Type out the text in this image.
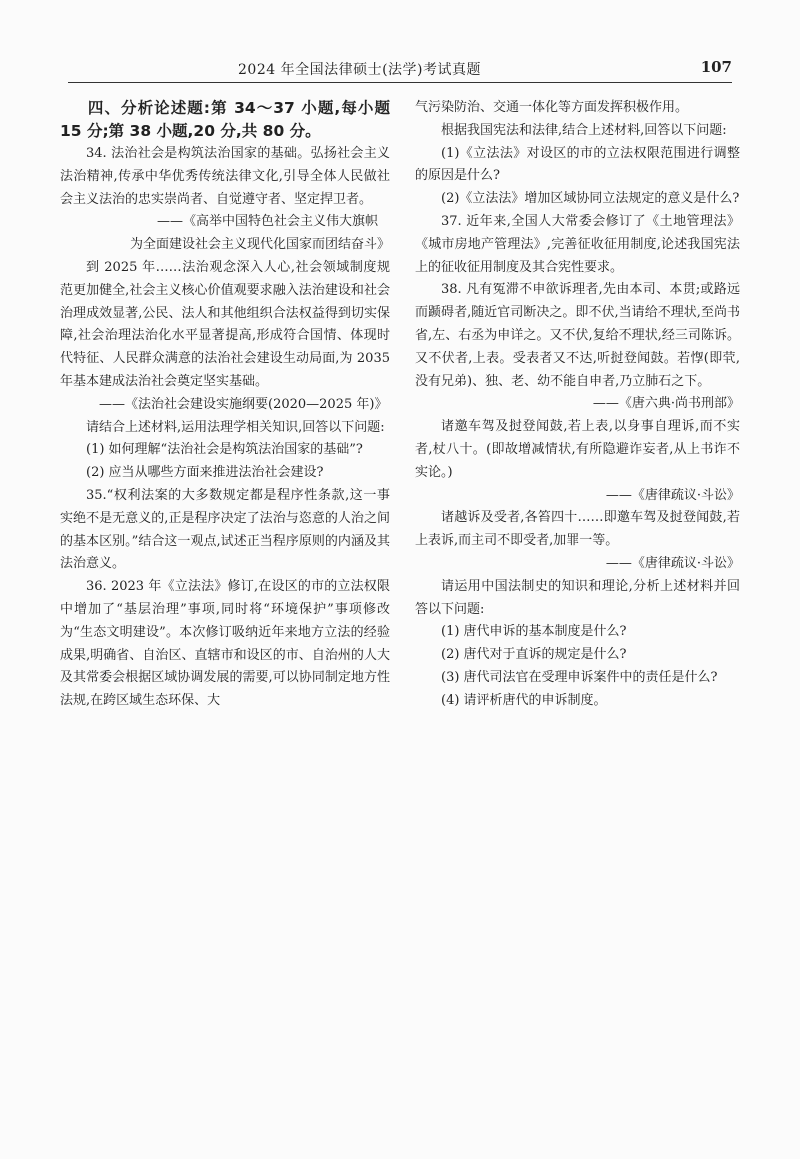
2024 年全国法律硕士(法学)考试真题	107

四、分析论述题:第 34～37 小题,每小题 15 分;第 38 小题,20 分,共 80 分。

34. 法治社会是构筑法治国家的基础。弘扬社会主义法治精神,传承中华优秀传统法律文化,引导全体人民做社会主义法治的忠实崇尚者、自觉遵守者、坚定捍卫者。

——《高举中国特色社会主义伟大旗帜

为全面建设社会主义现代化国家而团结奋斗》

到 2025 年……法治观念深入人心,社会领域制度规范更加健全,社会主义核心价值观要求融入法治建设和社会治理成效显著,公民、法人和其他组织合法权益得到切实保障,社会治理法治化水平显著提高,形成符合国情、体现时代特征、人民群众满意的法治社会建设生动局面,为 2035 年基本建成法治社会奠定坚实基础。

——《法治社会建设实施纲要(2020—2025 年)》

请结合上述材料,运用法理学相关知识,回答以下问题:

(1) 如何理解“法治社会是构筑法治国家的基础”?

(2) 应当从哪些方面来推进法治社会建设?

35.“权利法案的大多数规定都是程序性条款,这一事实绝不是无意义的,正是程序决定了法治与恣意的人治之间的基本区别。”结合这一观点,试述正当程序原则的内涵及其法治意义。

36. 2023 年《立法法》修订,在设区的市的立法权限中增加了“基层治理”事项,同时将“环境保护”事项修改为“生态文明建设”。本次修订吸纳近年来地方立法的经验成果,明确省、自治区、直辖市和设区的市、自治州的人大及其常委会根据区域协调发展的需要,可以协同制定地方性法规,在跨区域生态环保、大

气污染防治、交通一体化等方面发挥积极作用。

根据我国宪法和法律,结合上述材料,回答以下问题:

(1)《立法法》对设区的市的立法权限范围进行调整的原因是什么?

(2)《立法法》增加区域协同立法规定的意义是什么?

37. 近年来,全国人大常委会修订了《土地管理法》《城市房地产管理法》,完善征收征用制度,论述我国宪法上的征收征用制度及其合宪性要求。

38. 凡有冤滞不申欲诉理者,先由本司、本贯;或路远而踬碍者,随近官司断决之。即不伏,当请给不理状,至尚书省,左、右丞为申详之。又不伏,复给不理状,经三司陈诉。又不伏者,上表。受表者又不达,听挝登闻鼓。若惸(即茕,没有兄弟)、独、老、幼不能自申者,乃立肺石之下。

——《唐六典·尚书刑部》

诸邀车驾及挝登闻鼓,若上表,以身事自理诉,而不实者,杖八十。(即故增减情状,有所隐避诈妄者,从上书诈不实论。)

——《唐律疏议·斗讼》

诸越诉及受者,各笞四十……即邀车驾及挝登闻鼓,若上表诉,而主司不即受者,加罪一等。

——《唐律疏议·斗讼》

请运用中国法制史的知识和理论,分析上述材料并回答以下问题:

(1) 唐代申诉的基本制度是什么?

(2) 唐代对于直诉的规定是什么?

(3) 唐代司法官在受理申诉案件中的责任是什么?

(4) 请评析唐代的申诉制度。
